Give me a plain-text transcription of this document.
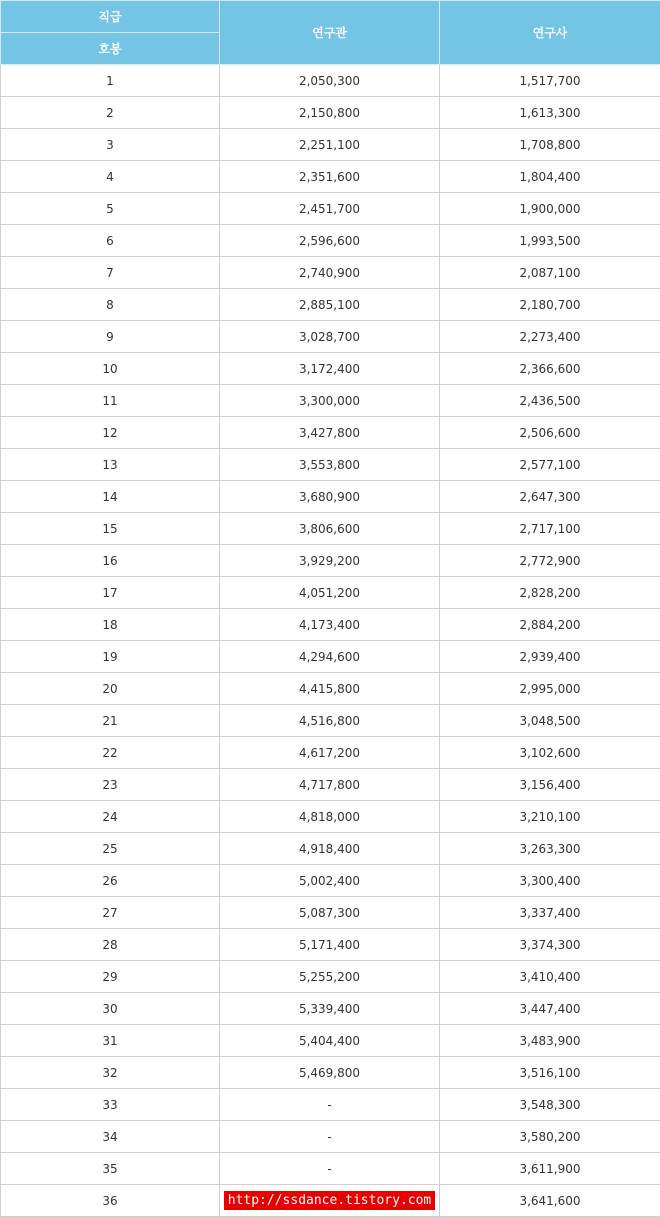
직급	연구관	연구사
호봉		
1	2,050,300	1,517,700
2	2,150,800	1,613,300
3	2,251,100	1,708,800
4	2,351,600	1,804,400
5	2,451,700	1,900,000
6	2,596,600	1,993,500
7	2,740,900	2,087,100
8	2,885,100	2,180,700
9	3,028,700	2,273,400
10	3,172,400	2,366,600
11	3,300,000	2,436,500
12	3,427,800	2,506,600
13	3,553,800	2,577,100
14	3,680,900	2,647,300
15	3,806,600	2,717,100
16	3,929,200	2,772,900
17	4,051,200	2,828,200
18	4,173,400	2,884,200
19	4,294,600	2,939,400
20	4,415,800	2,995,000
21	4,516,800	3,048,500
22	4,617,200	3,102,600
23	4,717,800	3,156,400
24	4,818,000	3,210,100
25	4,918,400	3,263,300
26	5,002,400	3,300,400
27	5,087,300	3,337,400
28	5,171,400	3,374,300
29	5,255,200	3,410,400
30	5,339,400	3,447,400
31	5,404,400	3,483,900
32	5,469,800	3,516,100
33	-	3,548,300
34	-	3,580,200
35	-	3,611,900
36	http://ssdance.tistory.com	3,641,600
